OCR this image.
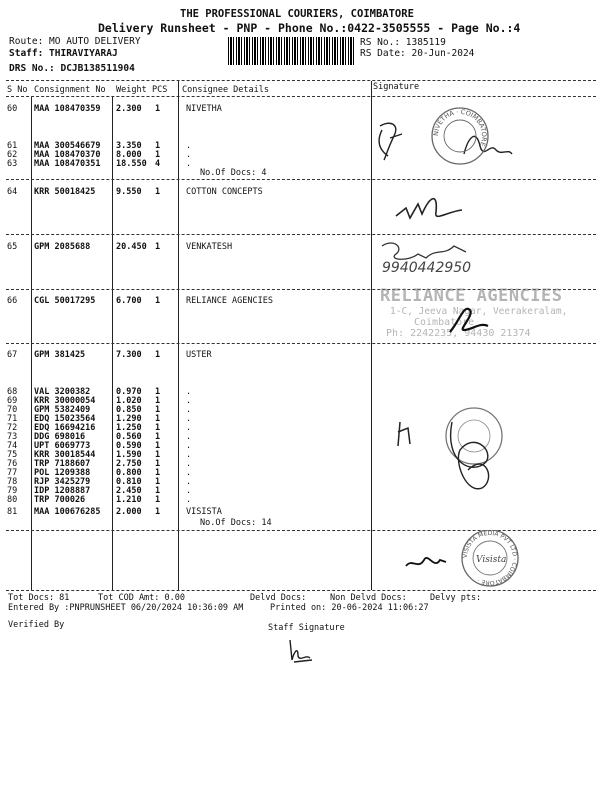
THE PROFESSIONAL COURIERS, COIMBATORE
Delivery Runsheet - PNP - Phone No.:0422-3505555 - Page No.:4
Route: MO AUTO DELIVERY
Staff: THIRAVIYARAJ
DRS No.: DCJB138511904
RS No.: 1385119
RS Date: 20-Jun-2024
S No Consignment No Weight PCS Consignee Details	Signature
60 MAA 108470359 2.300 1	NIVETHA
61 MAA 300546679 3.350 1	.
62 MAA 108470370 8.000 1	.
63 MAA 108470351 18.550 4	.
No.Of Docs: 4
64 KRR 50018425 9.550 1	COTTON CONCEPTS
65 GPM 2085688	20.450 1	VENKATESH
66 CGL 50017295 6.700 1	RELIANCE AGENCIES
67 GPM 381425	7.300 1	USTER
68 VAL 3200382	0.970 1	.
69 KRR 30000054 1.020 1	.
70 GPM 5382409	0.850 1	.
71 EDQ 15023564 1.290 1	.
72 EDQ 16694216 1.250 1	.
73 DDG 698016	0.560 1	.
74 UPT 6069773	0.590 1	.
75 KRR 30018544 1.590 1	.
76 TRP 7188607	2.750 1	.
77 POL 1209388	0.800 1	.
78 RJP 3425279	0.810 1	.
79 IDP 1208887	2.450 1	.
80 TRP 700026	1.210 1	.
81 MAA 100676285 2.000 1	VISISTA
No.Of Docs: 14
NIVETHA · COIMBATORE ·
9940442950
RELIANCE AGENCIES
1-C, Jeeva Nagar, Veerakeralam,
Coimbatore
Ph: 2242235, 94430 21374
VISISTA MEDIA PVT LTD · COIMBATORE ·
Visista
Tot Docs: 81	Tot COD Amt: 0.00	Delvd Docs:	Non Delvd Docs:	Delvy pts:
Entered By :PNPRUNSHEET 06/20/2024 10:36:09 AM	Printed on: 20-06-2024 11:06:27
Verified By	Staff Signature
